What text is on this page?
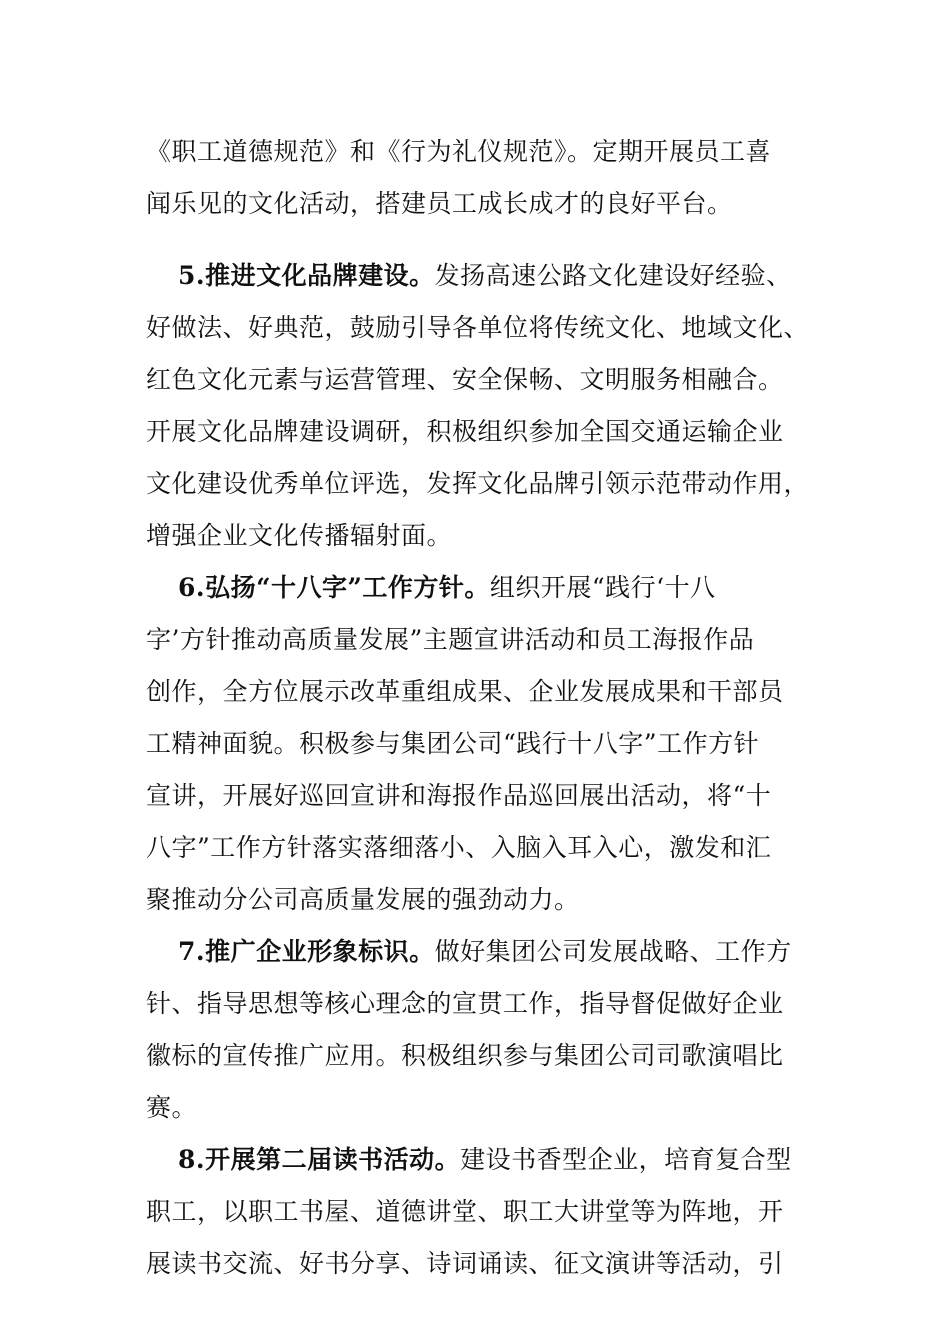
《职工道德规范》和《行为礼仪规范》。定期开展员工喜
闻乐见的文化活动，搭建员工成长成才的良好平台。
5.推进文化品牌建设。发扬高速公路文化建设好经验、
好做法、好典范，鼓励引导各单位将传统文化、地域文化、
红色文化元素与运营管理、安全保畅、文明服务相融合。
开展文化品牌建设调研，积极组织参加全国交通运输企业
文化建设优秀单位评选，发挥文化品牌引领示范带动作用，
增强企业文化传播辐射面。
6.弘扬“十八字”工作方针。组织开展“践行‘十八
字’方针推动高质量发展”主题宣讲活动和员工海报作品
创作，全方位展示改革重组成果、企业发展成果和干部员
工精神面貌。积极参与集团公司“践行十八字”工作方针
宣讲，开展好巡回宣讲和海报作品巡回展出活动，将“十
八字”工作方针落实落细落小、入脑入耳入心，激发和汇
聚推动分公司高质量发展的强劲动力。
7.推广企业形象标识。做好集团公司发展战略、工作方
针、指导思想等核心理念的宣贯工作，指导督促做好企业
徽标的宣传推广应用。积极组织参与集团公司司歌演唱比
赛。
8.开展第二届读书活动。建设书香型企业，培育复合型
职工，以职工书屋、道德讲堂、职工大讲堂等为阵地，开
展读书交流、好书分享、诗词诵读、征文演讲等活动，引
